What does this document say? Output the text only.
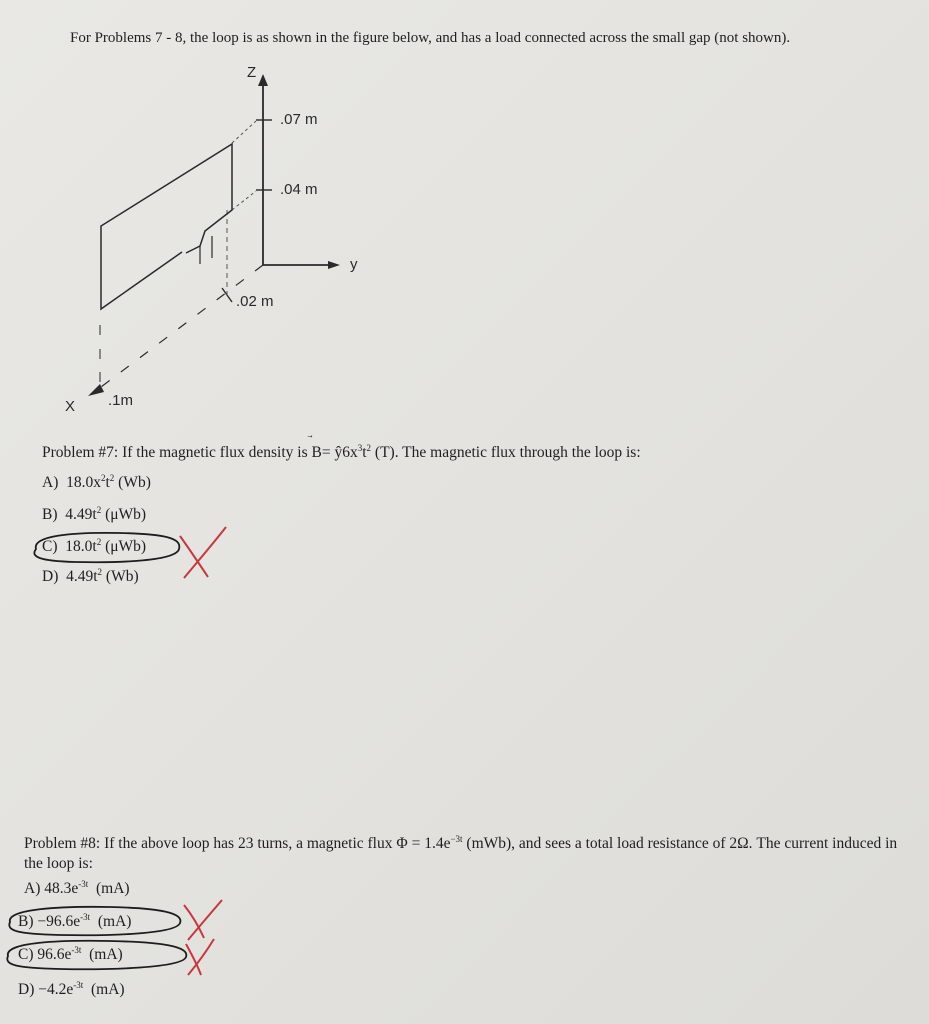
For Problems 7 - 8, the loop is as shown in the figure below, and has a load connected across the small gap (not shown).
Z
y
X
.07 m
.04 m
.02 m
.1m
Problem #7: If the magnetic flux density is B
= $ŷ6x^3t^2$ (T). The magnetic flux through the loop is:
A) $18.0x^2t^2$ (Wb)
B) $4.49t^2$ (μWb)
C) $18.0t^2$ (μWb)
D) $4.49t^2$ (Wb)
Problem #8: If the above loop has 23 turns, a magnetic flux $\Phi = 1.4e^{-3t}$ (mWb), and sees a total load resistance of 2Ω. The current induced in the loop is:
A) $48.3e^{-3t}$ (mA)
$B) -96.6e^{-3t}$ (mA)
C) $96.6e^{-3t}$ (mA)
$D) -4.2e^{-3t}$ (mA)
